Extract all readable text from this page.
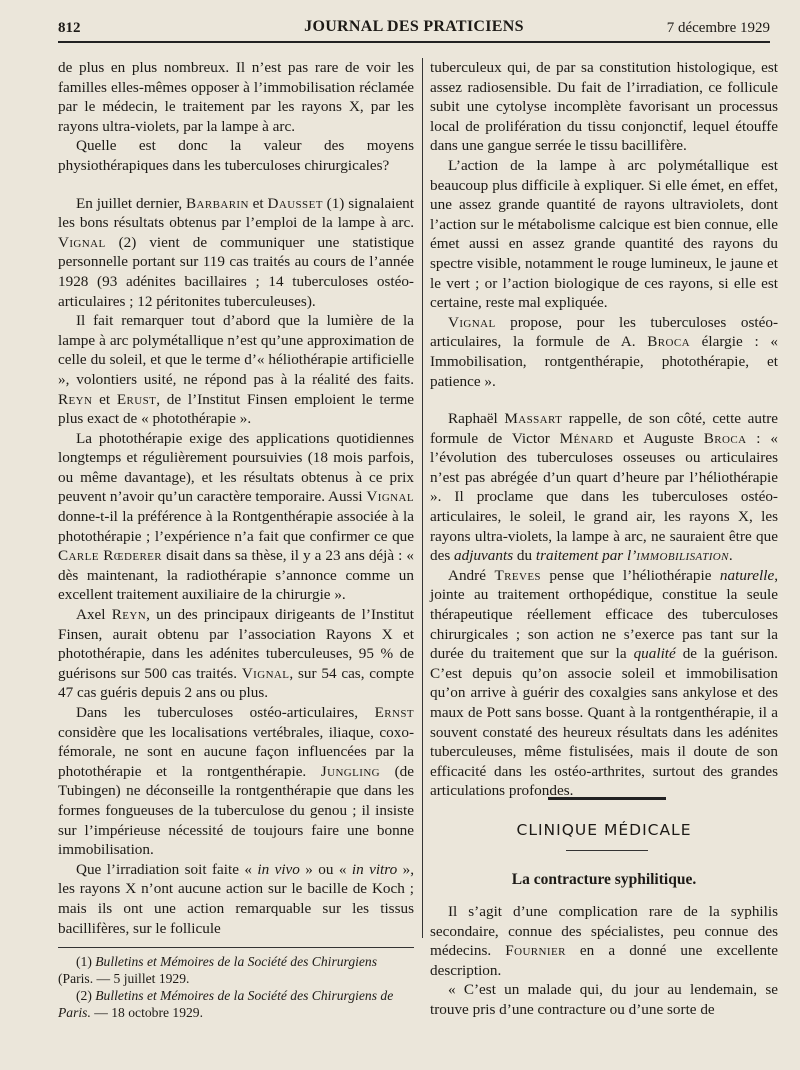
812	JOURNAL DES PRATICIENS	7 décembre 1929

de plus en plus nombreux. Il n’est pas rare de voir les familles elles-mêmes opposer à l’immobilisation réclamée par le médecin, le traitement par les rayons X, par les rayons ultra-violets, par la lampe à arc.

Quelle est donc la valeur des moyens physiothérapiques dans les tuberculoses chirurgicales?

En juillet dernier, Barbarin et Dausset (1) signalaient les bons résultats obtenus par l’emploi de la lampe à arc. Vignal (2) vient de communiquer une statistique personnelle portant sur 119 cas traités au cours de l’année 1928 (93 adénites bacillaires ; 14 tuberculoses ostéo-articulaires ; 12 péritonites tuberculeuses).

Il fait remarquer tout d’abord que la lumière de la lampe à arc polymétallique n’est qu’une approximation de celle du soleil, et que le terme d’« héliothérapie artificielle », volontiers usité, ne répond pas à la réalité des faits. Reyn et Erust, de l’Institut Finsen emploient le terme plus exact de « photothérapie ».

La photothérapie exige des applications quotidiennes longtemps et régulièrement poursuivies (18 mois parfois, ou même davantage), et les résultats obtenus à ce prix peuvent n’avoir qu’un caractère temporaire. Aussi Vignal donne-t-il la préférence à la Rontgenthérapie associée à la photothérapie ; l’expérience n’a fait que confirmer ce que Carle Rœderer disait dans sa thèse, il y a 23 ans déjà : « dès maintenant, la radiothérapie s’annonce comme un excellent traitement auxiliaire de la chirurgie ».

Axel Reyn, un des principaux dirigeants de l’Institut Finsen, aurait obtenu par l’association Rayons X et photothérapie, dans les adénites tuberculeuses, 95 % de guérisons sur 500 cas traités. Vignal, sur 54 cas, compte 47 cas guéris depuis 2 ans ou plus.

Dans les tuberculoses ostéo-articulaires, Ernst considère que les localisations vertébrales, iliaque, coxo-fémorale, ne sont en aucune façon influencées par la photothérapie et la rontgenthérapie. Jungling (de Tubingen) ne déconseille la rontgenthérapie que dans les formes fongueuses de la tuberculose du genou ; il insiste sur l’impérieuse nécessité de toujours faire une bonne immobilisation.

Que l’irradiation soit faite « in vivo » ou « in vitro », les rayons X n’ont aucune action sur le bacille de Koch ; mais ils ont une action remarquable sur les tissus bacillifères, sur le follicule

(1) Bulletins et Mémoires de la Société des Chirurgiens (Paris. — 5 juillet 1929.

(2) Bulletins et Mémoires de la Société des Chirurgiens de Paris. — 18 octobre 1929.

tuberculeux qui, de par sa constitution histologique, est assez radiosensible. Du fait de l’irradiation, ce follicule subit une cytolyse incomplète favorisant un processus local de prolifération du tissu conjonctif, lequel étouffe dans une gangue serrée le tissu bacillifère.

L’action de la lampe à arc polymétallique est beaucoup plus difficile à expliquer. Si elle émet, en effet, une assez grande quantité de rayons ultraviolets, dont l’action sur le métabolisme calcique est bien connue, elle émet aussi en assez grande quantité des rayons du spectre visible, notamment le rouge lumineux, le jaune et le vert ; or l’action biologique de ces rayons, si elle est certaine, reste mal expliquée.

Vignal propose, pour les tuberculoses ostéo-articulaires, la formule de A. Broca élargie : « Immobilisation, rontgenthérapie, photothérapie, et patience ».

Raphaël Massart rappelle, de son côté, cette autre formule de Victor Ménard et Auguste Broca : « l’évolution des tuberculoses osseuses ou articulaires n’est pas abrégée d’un quart d’heure par l’héliothérapie ». Il proclame que dans les tuberculoses ostéo-articulaires, le soleil, le grand air, les rayons X, les rayons ultra-violets, la lampe à arc, ne sauraient être que des adjuvants du traitement par l’immobilisation.

André Treves pense que l’héliothérapie naturelle, jointe au traitement orthopédique, constitue la seule thérapeutique réellement efficace des tuberculoses chirurgicales ; son action ne s’exerce pas tant sur la durée du traitement que sur la qualité de la guérison. C’est depuis qu’on associe soleil et immobilisation qu’on arrive à guérir des coxalgies sans ankylose et des maux de Pott sans bosse. Quant à la rontgenthérapie, il a souvent constaté des heureux résultats dans les adénites tuberculeuses, même fistulisées, mais il doute de son efficacité dans les ostéo-arthrites, surtout des grandes articulations profondes.

CLINIQUE MÉDICALE
La contracture syphilitique.

Il s’agit d’une complication rare de la syphilis secondaire, connue des spécialistes, peu connue des médecins. Fournier en a donné une excellente description.

« C’est un malade qui, du jour au lendemain, se trouve pris d’une contracture ou d’une sorte de
